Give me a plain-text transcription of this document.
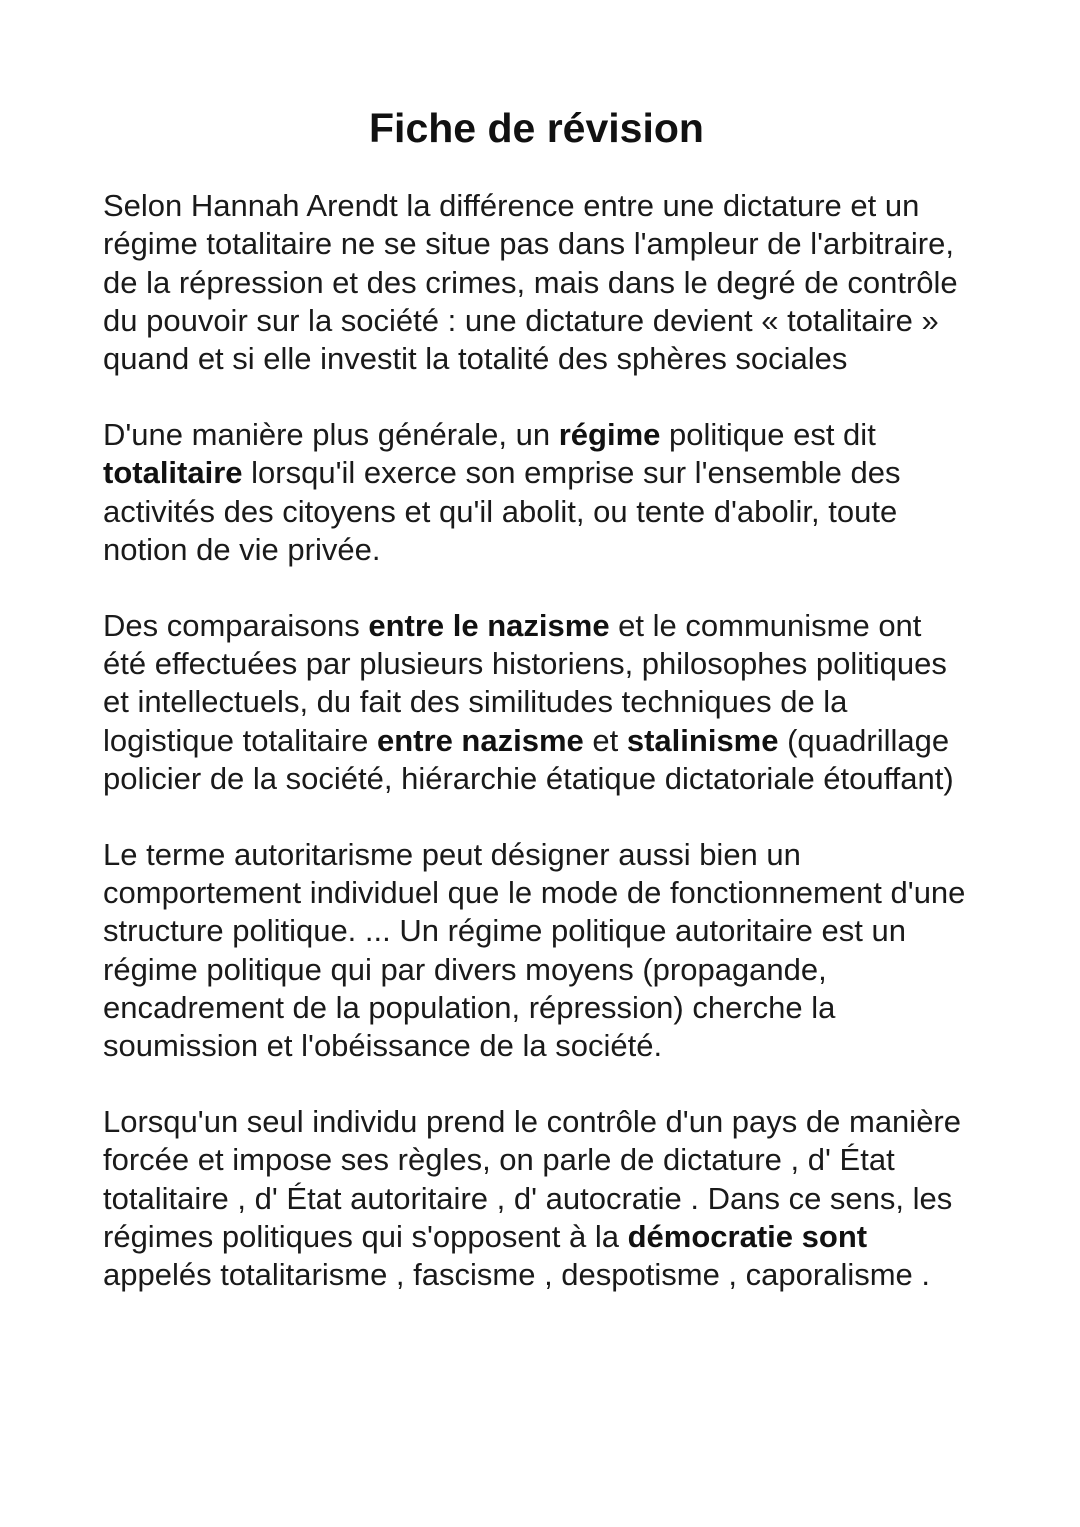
Fiche de révision

Selon Hannah Arendt la différence entre une dictature et un régime totalitaire ne se situe pas dans l'ampleur de l'arbitraire, de la répression et des crimes, mais dans le degré de contrôle du pouvoir sur la société : une dictature devient « totalitaire » quand et si elle investit la totalité des sphères sociales

D'une manière plus générale, un régime politique est dit totalitaire lorsqu'il exerce son emprise sur l'ensemble des activités des citoyens et qu'il abolit, ou tente d'abolir, toute notion de vie privée.

Des comparaisons entre le nazisme et le communisme ont été effectuées par plusieurs historiens, philosophes politiques et intellectuels, du fait des similitudes techniques de la logistique totalitaire entre nazisme et stalinisme (quadrillage policier de la société, hiérarchie étatique dictatoriale étouffant)

Le terme autoritarisme peut désigner aussi bien un comportement individuel que le mode de fonctionnement d'une structure politique. ... Un régime politique autoritaire est un régime politique qui par divers moyens (propagande, encadrement de la population, répression) cherche la soumission et l'obéissance de la société.

Lorsqu'un seul individu prend le contrôle d'un pays de manière forcée et impose ses règles, on parle de dictature , d' État totalitaire , d' État autoritaire , d' autocratie . Dans ce sens, les régimes politiques qui s'opposent à la démocratie sont appelés totalitarisme , fascisme , despotisme , caporalisme .
